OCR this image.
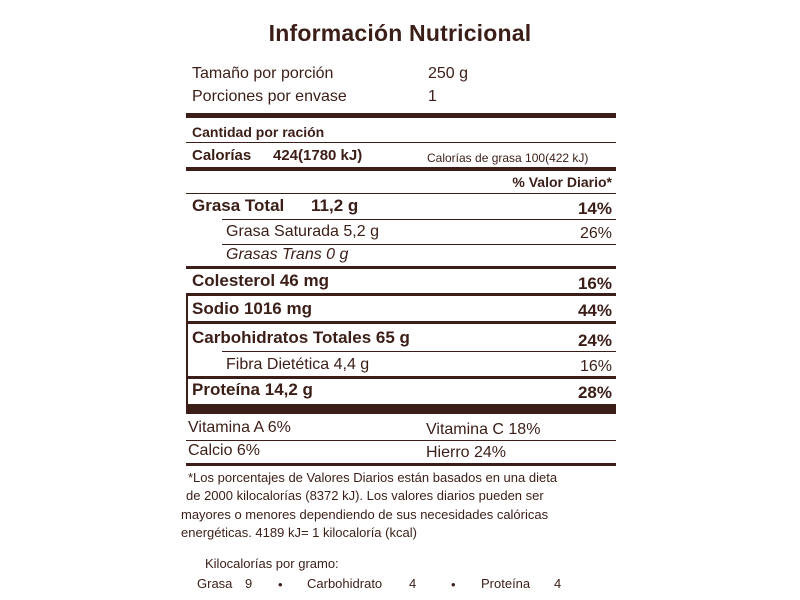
Información Nutricional
Tamaño por porción	250 g
Porciones por envase	1
Cantidad por ración
Calorías 424(1780 kJ)	Calorías de grasa 100(422 kJ)
% Valor Diario*
Grasa Total 11,2 g	14%
Grasa Saturada 5,2 g	26%
Grasas Trans 0 g
Colesterol 46 mg	16%
Sodio 1016 mg	44%
Carbohidratos Totales 65 g	24%
Fibra Dietética 4,4 g	16%
Proteína 14,2 g	28%
Vitamina A 6%	Vitamina C 18%
Calcio 6%	Hierro 24%
*Los porcentajes de Valores Diarios están basados en una dieta
de 2000 kilocalorías (8372 kJ). Los valores diarios pueden ser
mayores o menores dependiendo de sus necesidades calóricas
energéticas. 4189 kJ= 1 kilocaloría (kcal)
Kilocalorías por gramo:
Grasa 9 • Carbohidrato 4	• Proteína 4
